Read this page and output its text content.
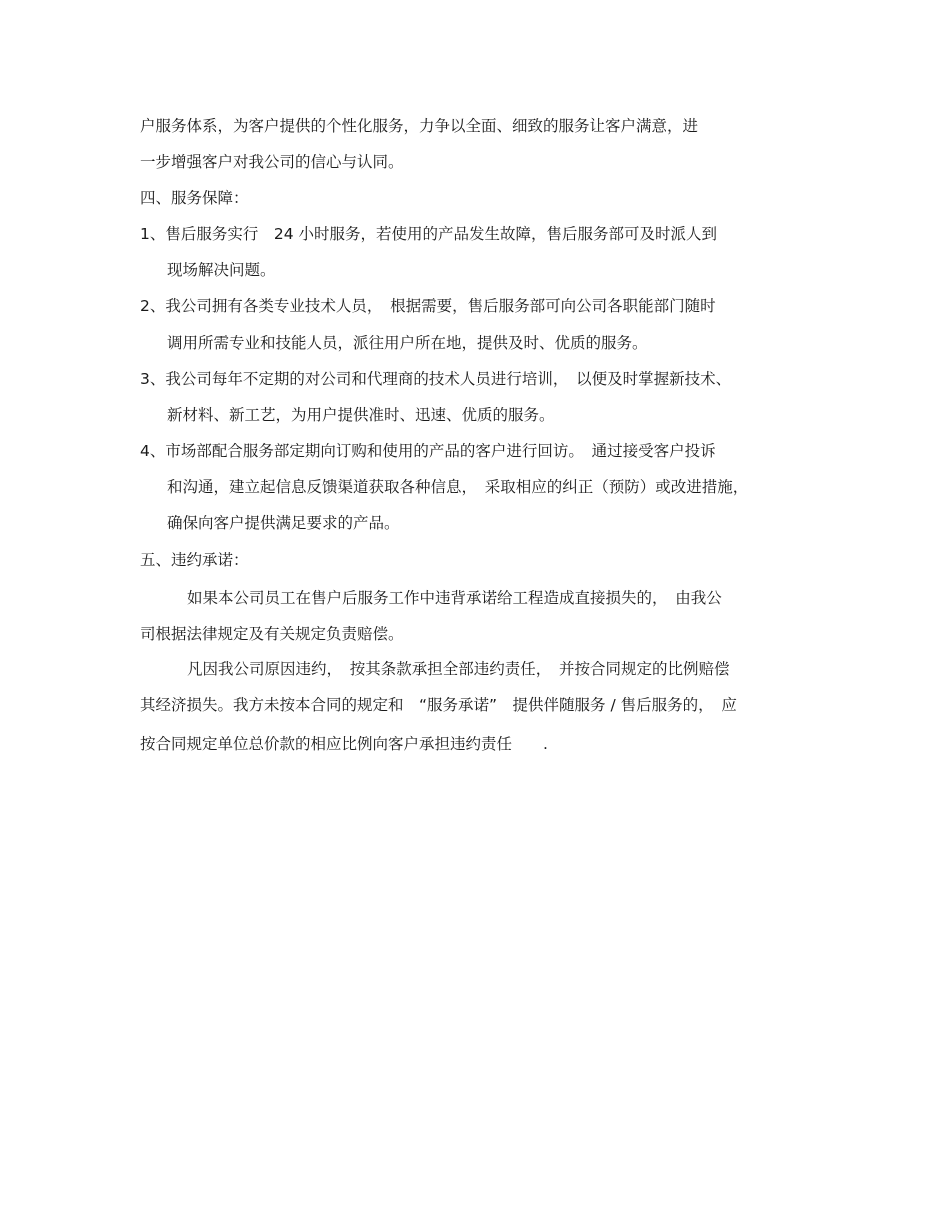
户服务体系，为客户提供的个性化服务，力争以全面、细致的服务让客户满意，进
一步增强客户对我公司的信心与认同。
四、服务保障：
1、售后服务实行　24 小时服务，若使用的产品发生故障，售后服务部可及时派人到
现场解决问题。
2、我公司拥有各类专业技术人员，　根据需要，售后服务部可向公司各职能部门随时
调用所需专业和技能人员，派往用户所在地，提供及时、优质的服务。
3、我公司每年不定期的对公司和代理商的技术人员进行培训，　以便及时掌握新技术、
新材料、新工艺，为用户提供准时、迅速、优质的服务。
4、市场部配合服务部定期向订购和使用的产品的客户进行回访。　通过接受客户投诉
和沟通，建立起信息反馈渠道获取各种信息，　采取相应的纠正（预防）或改进措施，
确保向客户提供满足要求的产品。
五、违约承诺：
如果本公司员工在售户后服务工作中违背承诺给工程造成直接损失的，　由我公
司根据法律规定及有关规定负责赔偿。
凡因我公司原因违约，　按其条款承担全部违约责任，　并按合同规定的比例赔偿
其经济损失。我方未按本合同的规定和　“服务承诺”　提供伴随服务 / 售后服务的，　应
按合同规定单位总价款的相应比例向客户承担违约责任　　.
